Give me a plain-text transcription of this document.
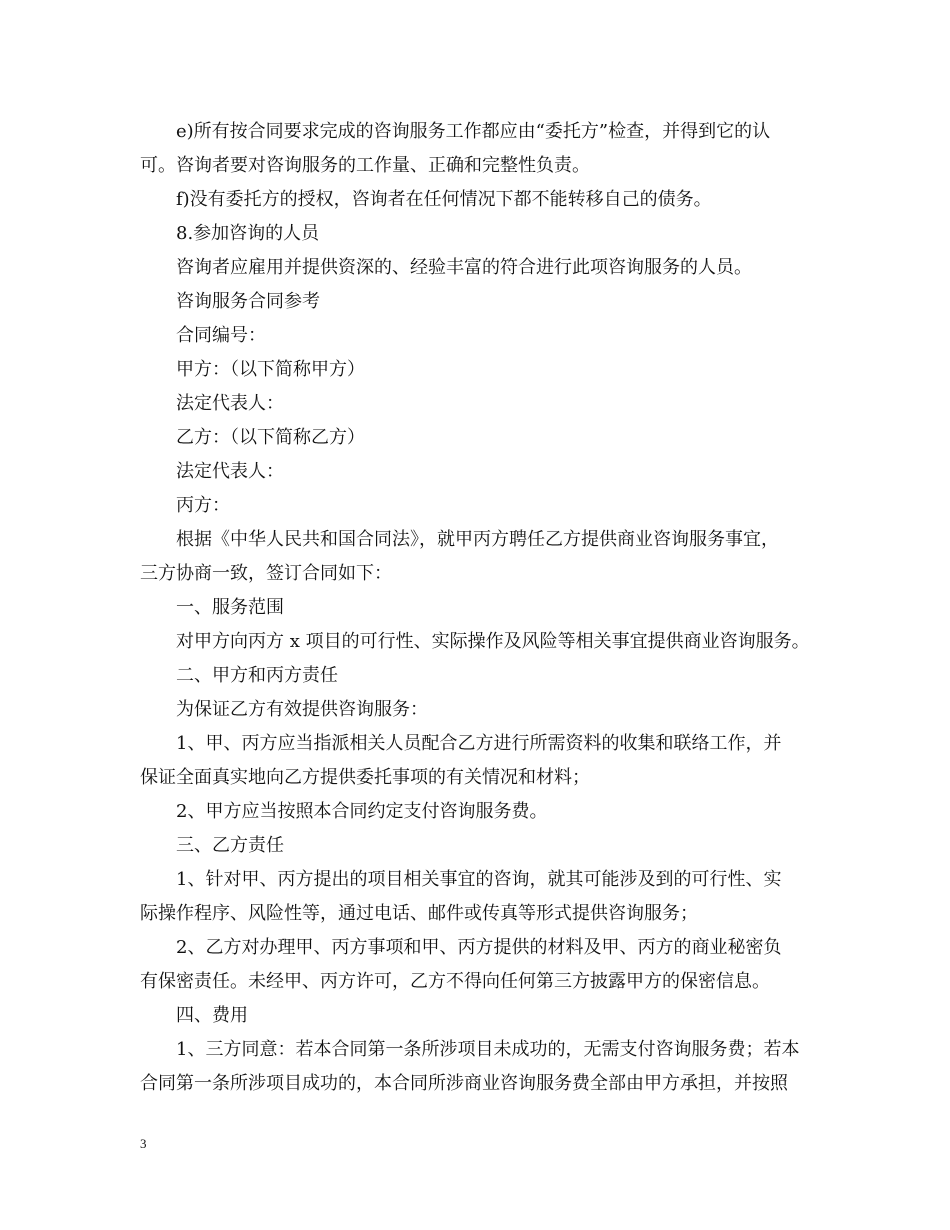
e)所有按合同要求完成的咨询服务工作都应由“委托方”检查，并得到它的认
可。咨询者要对咨询服务的工作量、正确和完整性负责。
f)没有委托方的授权，咨询者在任何情况下都不能转移自己的债务。
8.参加咨询的人员
咨询者应雇用并提供资深的、经验丰富的符合进行此项咨询服务的人员。
咨询服务合同参考
合同编号：
甲方：（以下简称甲方）
法定代表人：
乙方：（以下简称乙方）
法定代表人：
丙方：
根据《中华人民共和国合同法》，就甲丙方聘任乙方提供商业咨询服务事宜，
三方协商一致，签订合同如下：
一、服务范围
对甲方向丙方 x 项目的可行性、实际操作及风险等相关事宜提供商业咨询服务。
二、甲方和丙方责任
为保证乙方有效提供咨询服务：
1、甲、丙方应当指派相关人员配合乙方进行所需资料的收集和联络工作，并
保证全面真实地向乙方提供委托事项的有关情况和材料；
2、甲方应当按照本合同约定支付咨询服务费。
三、乙方责任
1、针对甲、丙方提出的项目相关事宜的咨询，就其可能涉及到的可行性、实
际操作程序、风险性等，通过电话、邮件或传真等形式提供咨询服务；
2、乙方对办理甲、丙方事项和甲、丙方提供的材料及甲、丙方的商业秘密负
有保密责任。未经甲、丙方许可，乙方不得向任何第三方披露甲方的保密信息。
四、费用
1、三方同意：若本合同第一条所涉项目未成功的，无需支付咨询服务费；若本
合同第一条所涉项目成功的，本合同所涉商业咨询服务费全部由甲方承担，并按照
3
